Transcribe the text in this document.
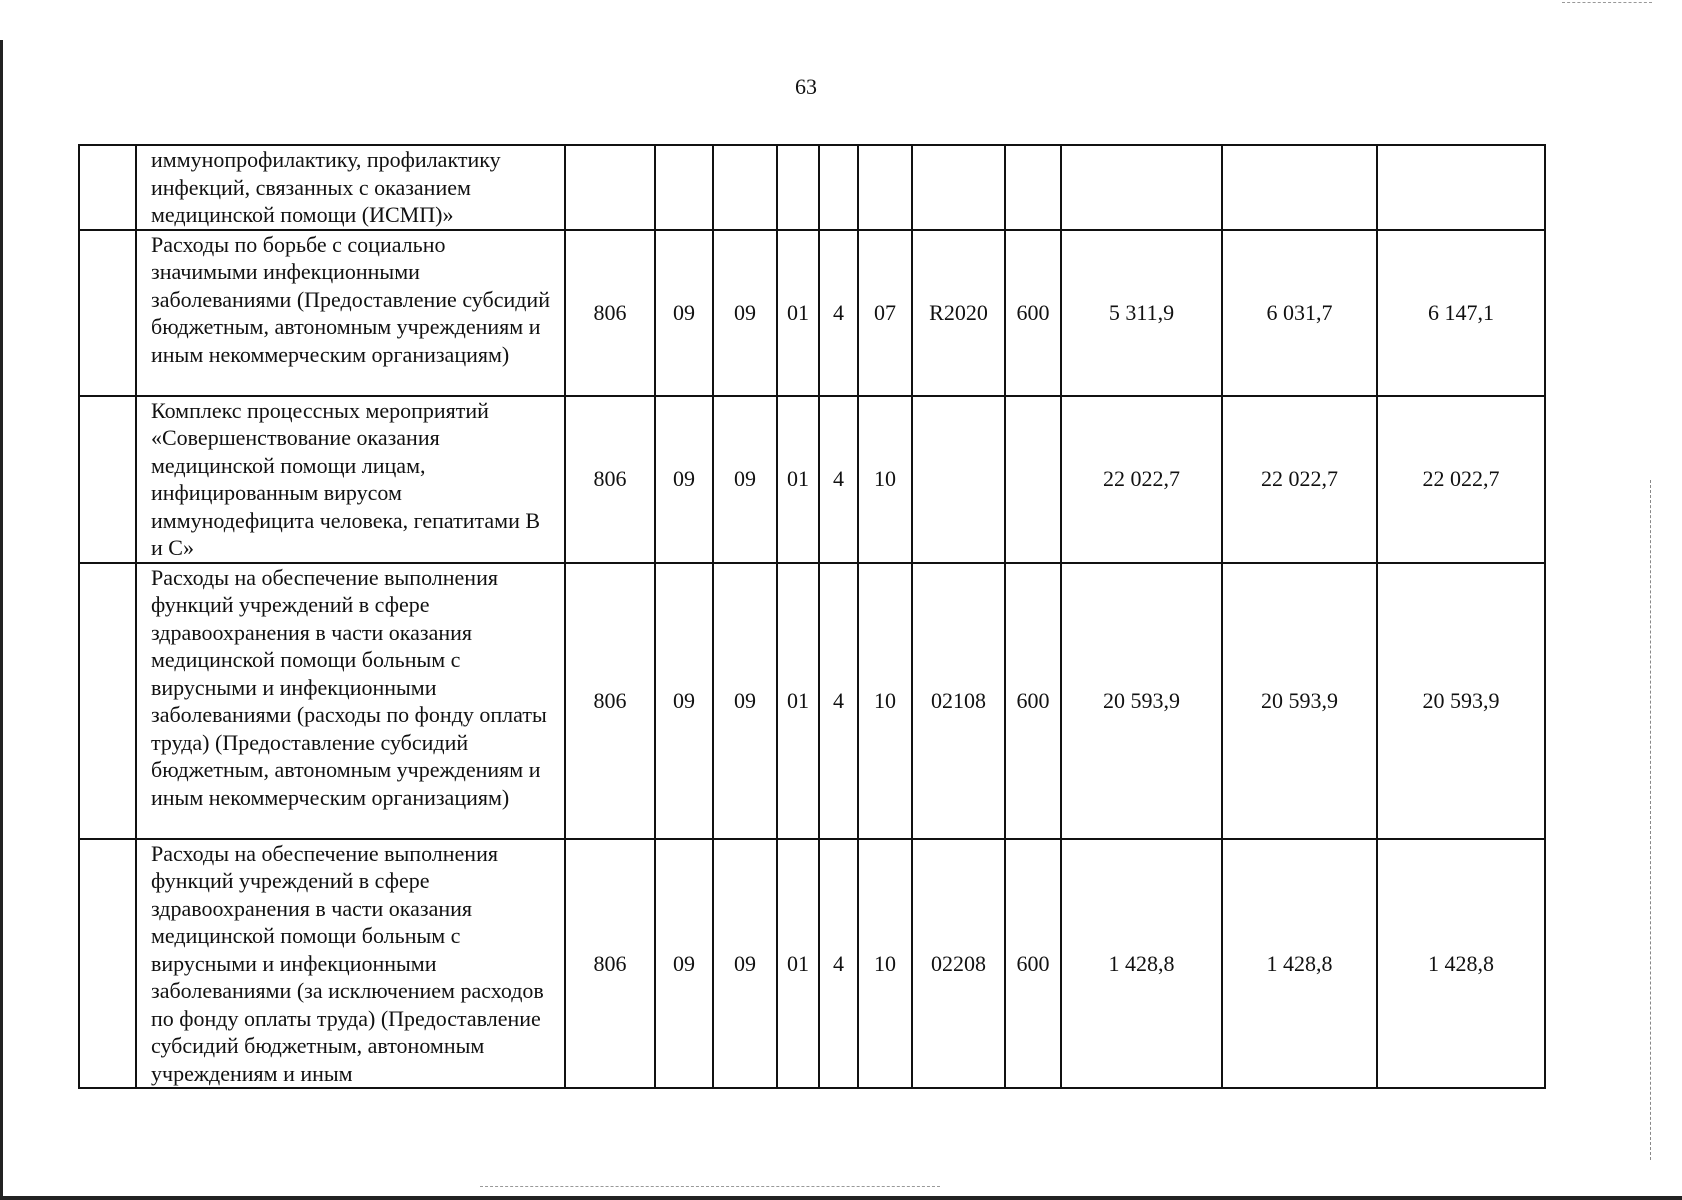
63
	иммунопрофилактику, профилактику инфекций, связанных с оказанием медицинской помощи (ИСМП)»											
	Расходы по борьбе с социально значимыми инфекционными заболеваниями (Предоставление субсидий бюджетным, автономным учреждениям и иным некоммерческим организациям)	806	09	09	01	4	07	R2020	600	5 311,9	6 031,7	6 147,1
	Комплекс процессных мероприятий «Совершенствование оказания медицинской помощи лицам, инфицированным вирусом иммунодефицита человека, гепатитами В и С»	806	09	09	01	4	10			22 022,7	22 022,7	22 022,7
	Расходы на обеспечение выполнения функций учреждений в сфере здравоохранения в части оказания медицинской помощи больным с вирусными и инфекционными заболеваниями (расходы по фонду оплаты труда) (Предоставление субсидий бюджетным, автономным учреждениям и иным некоммерческим организациям)	806	09	09	01	4	10	02108	600	20 593,9	20 593,9	20 593,9
	Расходы на обеспечение выполнения функций учреждений в сфере здравоохранения в части оказания медицинской помощи больным с вирусными и инфекционными заболеваниями (за исключением расходов по фонду оплаты труда) (Предоставление субсидий бюджетным, автономным учреждениям и иным	806	09	09	01	4	10	02208	600	1 428,8	1 428,8	1 428,8
